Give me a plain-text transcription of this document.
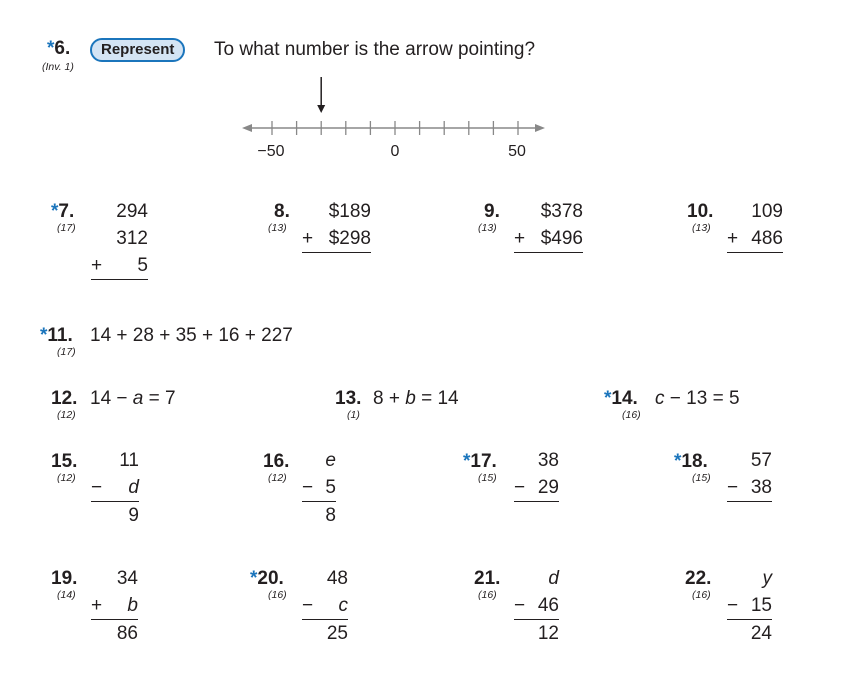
*6.
(Inv. 1)
Represent	To what number is the arrow pointing?
−50	0	50
*7.
(17)
294
312
+ 5
8.
(13)
$189
+ $298
9.
(13)
$378
+ $496
10.
(13)
109
+ 486
*11.
(17)
14 + 28 + 35 + 16 + 227
12.
(12)
14 − a = 7	13.
(1)
8 + b = 14	*14.
(16)
c − 13 = 5
15.
(12)
11
− d
9
16.
(12)
e
− 5
8
*17.
(15)
38
− 29
*18.
(15)
57
− 38
19.
(14)
34
+ b
86
*20.
(16)
48
− c
25
21.
(16)
d
− 46
12
22.
(16)
y
− 15
24
